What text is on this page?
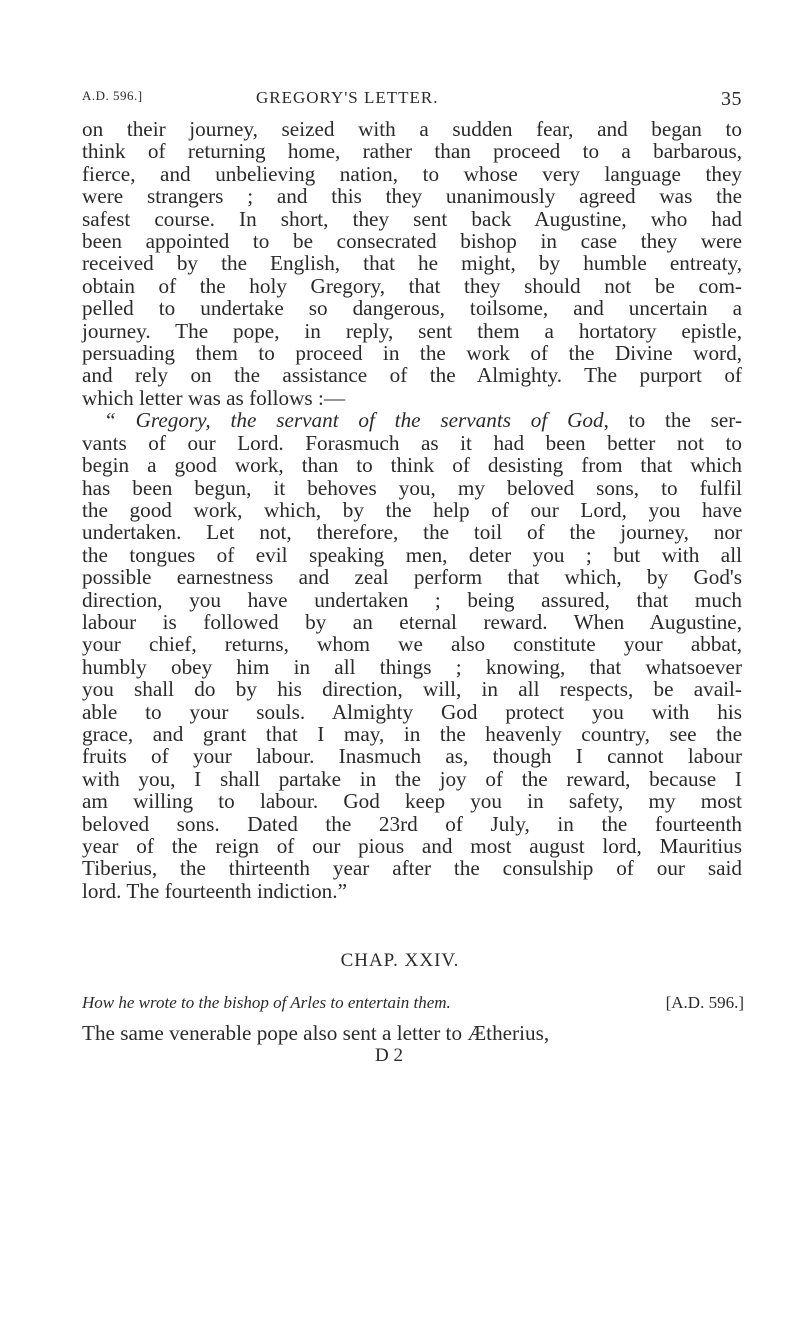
A.D. 596.]	GREGORY'S LETTER.	35
on their journey, seized with a sudden fear, and began to
think of returning home, rather than proceed to a barbarous,
fierce, and unbelieving nation, to whose very language they
were strangers ; and this they unanimously agreed was the
safest course. In short, they sent back Augustine, who had
been appointed to be consecrated bishop in case they were
received by the English, that he might, by humble entreaty,
obtain of the holy Gregory, that they should not be com-
pelled to undertake so dangerous, toilsome, and uncertain a
journey. The pope, in reply, sent them a hortatory epistle,
persuading them to proceed in the work of the Divine word,
and rely on the assistance of the Almighty. The purport of
which letter was as follows :—
“ Gregory, the servant of the servants of God, to the ser-
vants of our Lord. Forasmuch as it had been better not to
begin a good work, than to think of desisting from that which
has been begun, it behoves you, my beloved sons, to fulfil
the good work, which, by the help of our Lord, you have
undertaken. Let not, therefore, the toil of the journey, nor
the tongues of evil speaking men, deter you ; but with all
possible earnestness and zeal perform that which, by God's
direction, you have undertaken ; being assured, that much
labour is followed by an eternal reward. When Augustine,
your chief, returns, whom we also constitute your abbat,
humbly obey him in all things ; knowing, that whatsoever
you shall do by his direction, will, in all respects, be avail-
able to your souls. Almighty God protect you with his
grace, and grant that I may, in the heavenly country, see the
fruits of your labour. Inasmuch as, though I cannot labour
with you, I shall partake in the joy of the reward, because I
am willing to labour. God keep you in safety, my most
beloved sons. Dated the 23rd of July, in the fourteenth
year of the reign of our pious and most august lord, Mauritius
Tiberius, the thirteenth year after the consulship of our said
lord. The fourteenth indiction.”
CHAP. XXIV.
How he wrote to the bishop of Arles to entertain them.	[A.D. 596.]
The same venerable pope also sent a letter to Ætherius,
D 2
